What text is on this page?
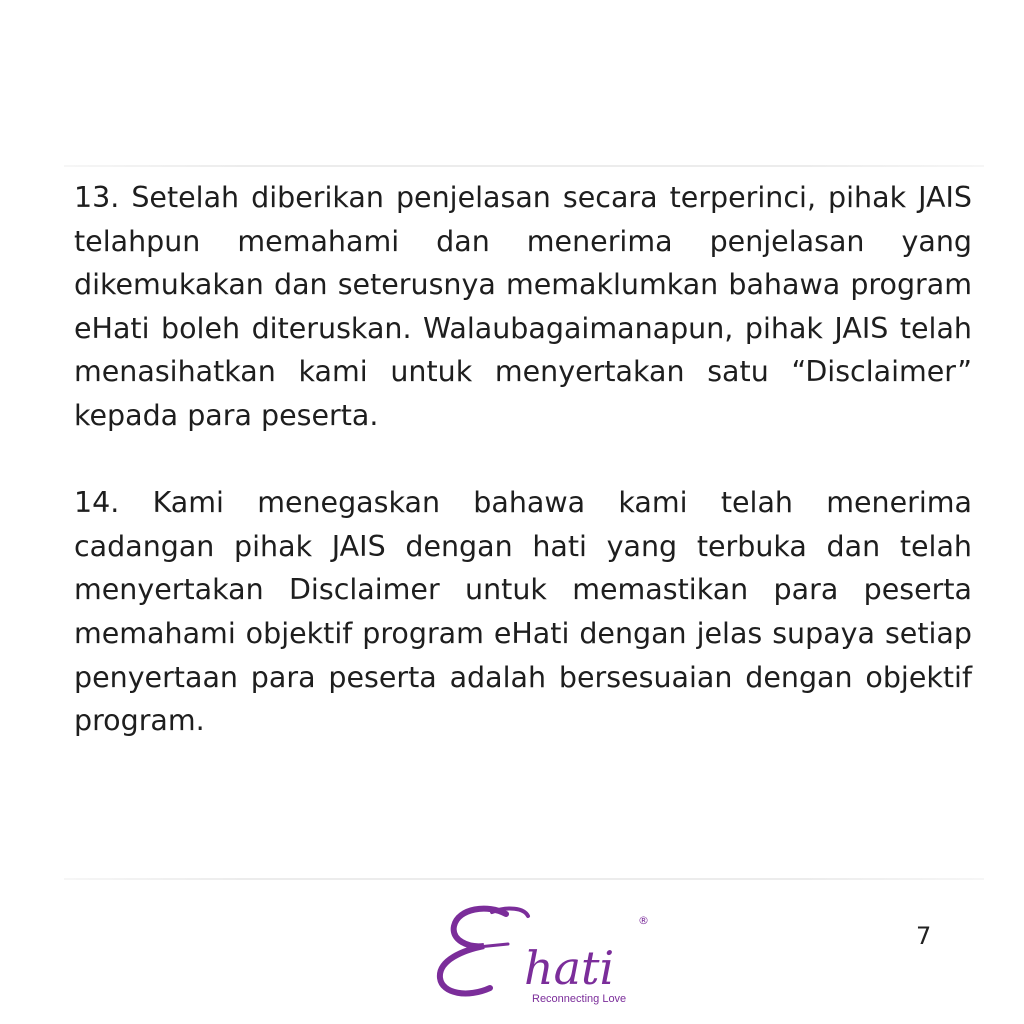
13. Setelah diberikan penjelasan secara terperinci, pihak JAIS telahpun memahami dan menerima penjelasan yang dikemukakan dan seterusnya memaklumkan bahawa program eHati boleh diteruskan. Walaubagaimanapun, pihak JAIS telah menasihatkan kami untuk menyertakan satu “Disclaimer” kepada para peserta.

14. Kami menegaskan bahawa kami telah menerima cadangan pihak JAIS dengan hati yang terbuka dan telah menyertakan Disclaimer untuk memastikan para peserta memahami objektif program eHati dengan jelas supaya setiap penyertaan para peserta adalah bersesuaian dengan objektif program.

hati
®
Reconnecting Love
7
